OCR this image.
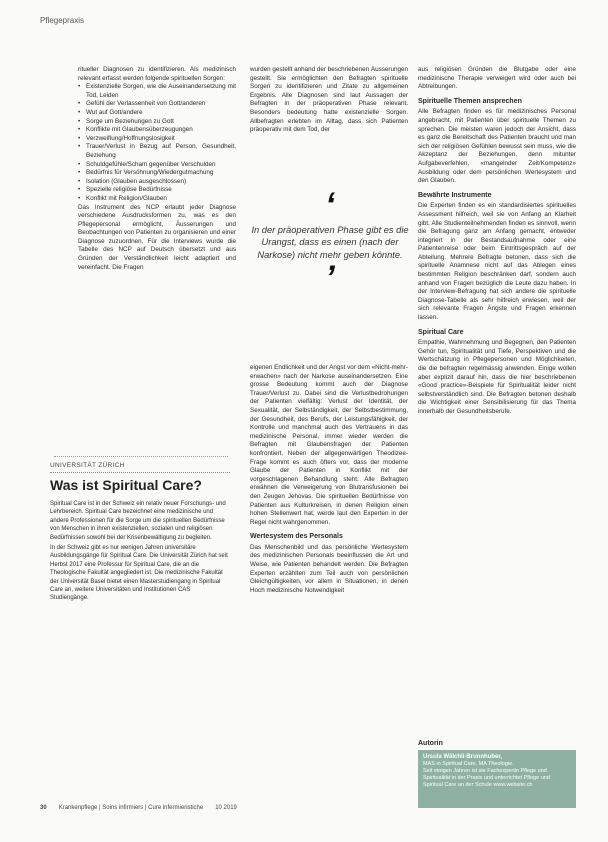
Pflegepraxis

ritueller Diagnosen zu identifizieren. Als medizinisch relevant erfasst werden folgende spirituellen Sorgen:

• Existenzielle Sorgen, wie die Auseinandersetzung mit Tod, Leiden
• Gefühl der Verlassenheit von Gott/anderen
• Wut auf Gott/andere
• Sorge um Beziehungen zu Gott
• Konflikte mit Glaubensüberzeugungen
• Verzweiflung/Hoffnungslosigkeit
• Trauer/Verlust in Bezug auf Person, Gesundheit, Beziehung
• Schuldgefühle/Scham gegenüber Verschulden
• Bedürfnis für Versöhnung/Wiedergutmachung
• Isolation (Glauben ausgeschlossen)
• Spezielle religiöse Bedürfnisse
• Konflikt mit Religion/Glauben

Das Instrument des NCP erlaubt jeder Diagnose verschiedene Ausdrucksformen zu, was es den Pflegepersonal ermöglicht, Äusserungen und Beobachtungen von Patienten zu organisieren und einer Diagnose zuzuordnen. Für die Interviews wurde die Tabelle des NCP auf Deutsch übersetzt und aus Gründen der Verständlichkeit leicht adaptiert und vereinfacht. Die Fragen

UNIVERSITÄT ZÜRICH
Was ist Spiritual Care?

Spiritual Care ist in der Schweiz ein relativ neuer Forschungs- und Lehrbereich. Spiritual Care bezeichnet eine medizinische und andere Professionen für die Sorge um die spirituellen Bedürfnisse von Menschen in ihren existenziellen, sozialen und religiösen Bedürfnissen sowohl bei der Krisenbewältigung zu begleiten.

In der Schweiz gibt es nur wenigen Jahren universitäre Ausbildungsgänge für Spiritual Care. Die Universität Zürich hat seit Herbst 2017 eine Professur für Spiritual Care, die an die Theologische Fakultät angegliedert ist. Die medizinische Fakultät der Universität Basel bietet einen Masterstudiengang in Spiritual Care an, weitere Universitäten und Institutionen CAS Studiengänge.

wurden gestellt anhand der beschriebenen Äusserungen gestellt. Sie ermöglichten den Befragten spirituelle Sorgen zu identifizieren und Zitate zu allgemeinen Ergebnis. Alle Diagnosen sind laut Aussagen der Befragten in der präoperativen Phase relevant. Besonders bedeutung hatte existenzielle Sorgen. Allbefragten erlebten im Alltag, dass sich Patienten präoperativ mit dem Tod, der

‘
In der präoperativen Phase gibt es die Urangst, dass es einen (nach der Narkose) nicht mehr geben könnte.
’

eigenen Endlichkeit und der Angst vor dem «Nicht-mehr-erwachen» nach der Narkose auseinandersetzen. Eine grosse Bedeutung kommt auch der Diagnose Trauer/Verlust zu. Dabei sind die Verlustbedrohungen der Patienten vielfältig: Verlust der Identität, der Sexualität, der Selbständigkeit, der Selbstbestimmung, der Gesundheit, des Berufs, der Leistungsfähigkeit, der Kontrolle und manchmal auch des Vertrauens in das medizinische Personal, immer wieder werden die Befragten mit Glaubensfragen der Patienten konfrontiert. Neben der allgegenwärtigen Theodizee-Frage kommt es auch öfters vor, dass der moderne Glaube der Patienten in Konflikt mit der vorgeschlagenen Behandlung steht. Alle Befragten erwähnen die Verweigerung von Blutransfusionen bei den Zeugen Jehovas. Die spirituellen Bedürfnisse von Patienten aus Kulturkreisen, in denen Religion einen hohen Stellenwert hat, werde laut den Experten in der Regel nicht wahrgenommen.

Wertesystem des Personals

Das Menschenbild und das persönliche Wertesystem des medizinischen Personals beeinflussen die Art und Weise, wie Patienten behandelt werden. Die Befragten Experten erzählten zum Teil auch von persönlichen Gleichgültigkeiten, vor allem in Situationen, in denen Hoch medizinische Notwendigkeit

aus religiösen Gründen die Blutgabe oder eine medizinische Therapie verweigert wird oder auch bei Abtreibungen.

Spirituelle Themen ansprechen

Alle Befragten finden es für medizinisches Personal angebracht, mit Patienten über spirituelle Themen zu sprechen. Die meisten waren jedoch der Ansicht, dass es ganz die Bereitschaft des Patienten braucht und man sich der religiösen Gefühlen bewusst sein muss, wie die Akzeptanz der Beziehungen, denn mitunter Aufgabeverfehlen, «mangelnder Zeit/Kompetenz» Ausbildung oder dem persönlichen Wertesystem und den Glauben.

Bewährte Instrumente

Die Experten finden es ein standardisiertes spirituelles Assessment hilfreich, weil sie von Anfang an Klarheit gibt. Alle Studienteilnehmenden finden es sinnvoll, wenn die Befragung ganz am Anfang gemacht, entweder integriert in der Bestandsaufnahme oder eine Patientenreise oder beim Eintrittsgespräch auf der Abteilung. Mehrere Befragte betonen, dass sich die spirituelle Anamnese nicht auf das Ablegen eines bestimmten Religion beschränken darf, sondern auch anhand von Fragen bezüglich die Leute dazu haben. In der Interview-Befragung hat sich andere die spirituelle Diagnose-Tabelle als sehr hilfreich erwiesen, weil der sich relevante Fragen Ängste und Fragen erkennen lassen.

Spiritual Care

Empathie, Wahrnehmung und Begegnen, den Patienten Gehör tun, Spiritualität und Tiefe, Perspektiven und die Wertschätzung in Pflegepersonen und Möglichkeiten, die die befragten regelmässig anwenden. Einige wollen aber explizit darauf hin, dass die hier beschriebenen «Good practice»-Beispiele für Spiritualität leider nicht selbstverständlich sind. Die Befragten betonen deshalb die Wichtigkeit einer Sensibilisierung für das Thema innerhalb der Gesundheitsberufe.

Autorin
Ursula Wälchli-Brunnhuber,
MAS in Spiritual Care, MA Theologie.
Seit einigen Jahren ist sie Fachexpertin Pflege und Spiritualität in der Praxis und unterrichtet Pflege und Spiritual Care an der Schule www.website.ch
30 Krankenpflege | Soins infirmiers | Cure infermieristiche 10 2019
